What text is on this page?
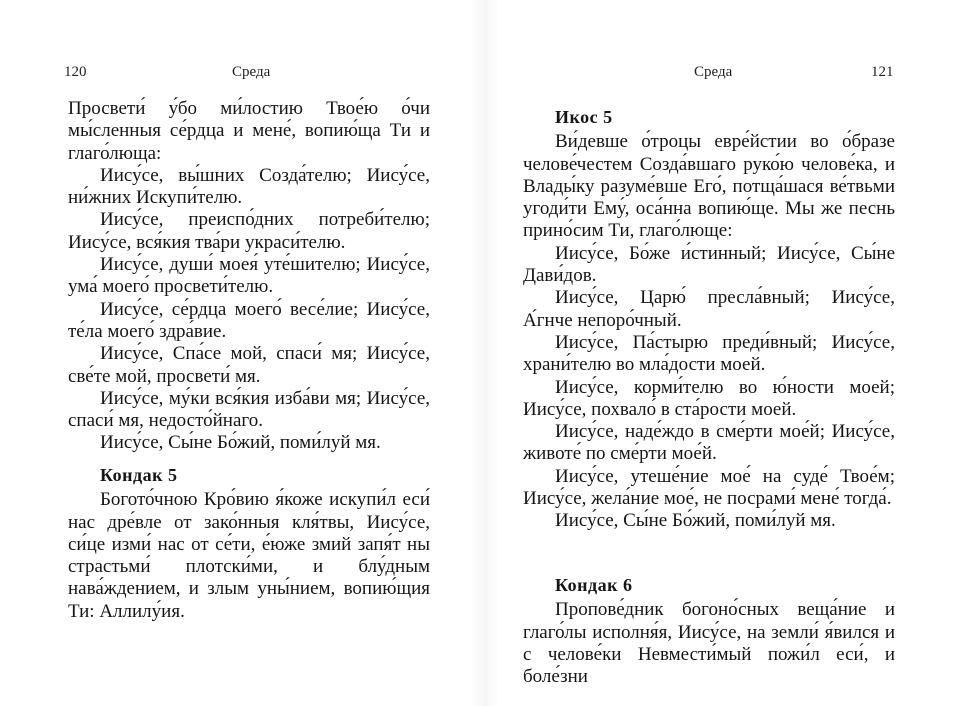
120	Среда

Просвети́ у́бо ми́лостию Твое́ю о́чи мы́сленныя се́рдца и мене́, вопию́ща Ти и глаго́люща:

Иису́се, вы́шних Созда́телю; Иису́се, ни́жних Искупи́телю.

Иису́се, преиспо́дних потреби́телю; Иису́се, вся́кия тва́ри украси́телю.

Иису́се, души́ моея́ уте́шителю; Иису́се, ума́ моего́ просвети́телю.

Иису́се, се́рдца моего́ весе́лие; Иису́се, те́ла моего́ здра́вие.

Иису́се, Спа́се мой, спаси́ мя; Иису́се, све́те мой, просвети́ мя.

Иису́се, му́ки вся́кия изба́ви мя; Иису́се, спаси́ мя, недосто́йнаго.

Иису́се, Сы́не Бо́жий, поми́луй мя.

Кондак 5

Богото́чною Кро́вию я́коже искупи́л еси́ нас дре́вле от зако́нныя кля́твы, Иису́се, си́це изми́ нас от се́ти, е́юже змий запя́т ны страстьми́ плотски́ми, и блу́дным нава́ждением, и злым уны́нием, вопию́щия Ти: Аллилу́ия.

Среда	121

Икос 5

Ви́девше о́троцы евре́йстии во о́бразе челове́честем Созда́вшаго руко́ю челове́ка, и Влады́ку разуме́вше Его́, потща́шася ве́твьми угоди́ти Ему́, оса́нна вопию́ще. Мы же песнь прино́сим Ти, глаго́люще:

Иису́се, Бо́же и́стинный; Иису́се, Сы́не Дави́дов.

Иису́се, Царю́ пресла́вный; Иису́се, А́гнче непоро́чный.

Иису́се, Па́стырю преди́вный; Иису́се, храни́телю во мла́дости моей.

Иису́се, корми́телю во ю́ности моей; Иису́се, похвало́ в ста́рости моей.

Иису́се, наде́ждо в сме́рти мое́й; Иису́се, животе́ по сме́рти мое́й.

Иису́се, утеше́ние мое́ на суде́ Твое́м; Иису́се, жела́ние мое́, не посрами́ мене́ тогда́.

Иису́се, Сы́не Бо́жий, поми́луй мя.

Кондак 6

Пропове́дник богоно́сных веща́ние и глаго́лы исполня́я, Иису́се, на земли́ я́вился и с челове́ки Невмести́мый пожи́л еси́, и боле́зни
